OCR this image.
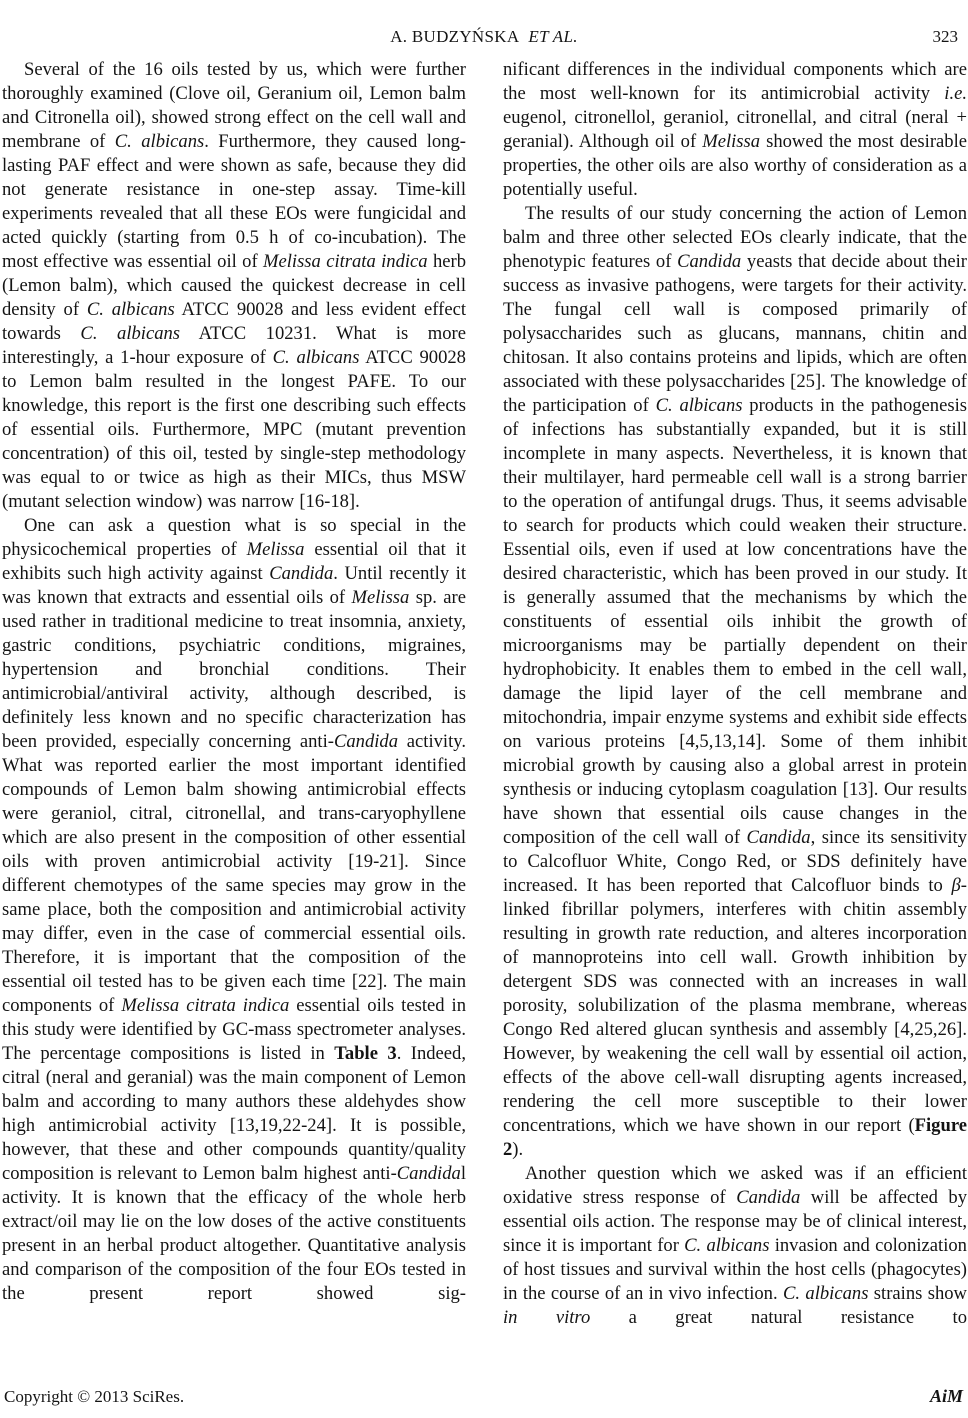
A. BUDZYŃSKA ET AL.	323

Several of the 16 oils tested by us, which were further thoroughly examined (Clove oil, Geranium oil, Lemon balm and Citronella oil), showed strong effect on the cell wall and membrane of C. albicans. Furthermore, they caused long-lasting PAF effect and were shown as safe, because they did not generate resistance in one-step assay. Time-kill experiments revealed that all these EOs were fungicidal and acted quickly (starting from 0.5 h of co-incubation). The most effective was essential oil of Melissa citrata indica herb (Lemon balm), which caused the quickest decrease in cell density of C. albicans ATCC 90028 and less evident effect towards C. albicans ATCC 10231. What is more interestingly, a 1-hour exposure of C. albicans ATCC 90028 to Lemon balm resulted in the longest PAFE. To our knowledge, this report is the first one describing such effects of essential oils. Furthermore, MPC (mutant prevention concentration) of this oil, tested by single-step methodology was equal to or twice as high as their MICs, thus MSW (mutant selection window) was narrow [16-18].

One can ask a question what is so special in the physicochemical properties of Melissa essential oil that it exhibits such high activity against Candida. Until recently it was known that extracts and essential oils of Melissa sp. are used rather in traditional medicine to treat insomnia, anxiety, gastric conditions, psychiatric conditions, migraines, hypertension and bronchial conditions. Their antimicrobial/antiviral activity, although described, is definitely less known and no specific characterization has been provided, especially concerning anti-Candida activity. What was reported earlier the most important identified compounds of Lemon balm showing antimicrobial effects were geraniol, citral, citronellal, and trans-caryophyllene which are also present in the composition of other essential oils with proven antimicrobial activity [19-21]. Since different chemotypes of the same species may grow in the same place, both the composition and antimicrobial activity may differ, even in the case of commercial essential oils. Therefore, it is important that the composition of the essential oil tested has to be given each time [22]. The main components of Melissa citrata indica essential oils tested in this study were identified by GC-mass spectrometer analyses. The percentage compositions is listed in Table 3. Indeed, citral (neral and geranial) was the main component of Lemon balm and according to many authors these aldehydes show high antimicrobial activity [13,19,22-24]. It is possible, however, that these and other compounds quantity/quality composition is relevant to Lemon balm highest anti-Candidal activity. It is known that the efficacy of the whole herb extract/oil may lie on the low doses of the active constituents present in an herbal product altogether. Quantitative analysis and comparison of the composition of the four EOs tested in the present report showed sig-

nificant differences in the individual components which are the most well-known for its antimicrobial activity i.e. eugenol, citronellol, geraniol, citronellal, and citral (neral + geranial). Although oil of Melissa showed the most desirable properties, the other oils are also worthy of consideration as a potentially useful.

The results of our study concerning the action of Lemon balm and three other selected EOs clearly indicate, that the phenotypic features of Candida yeasts that decide about their success as invasive pathogens, were targets for their activity. The fungal cell wall is composed primarily of polysaccharides such as glucans, mannans, chitin and chitosan. It also contains proteins and lipids, which are often associated with these polysaccharides [25]. The knowledge of the participation of C. albicans products in the pathogenesis of infections has substantially expanded, but it is still incomplete in many aspects. Nevertheless, it is known that their multilayer, hard permeable cell wall is a strong barrier to the operation of antifungal drugs. Thus, it seems advisable to search for products which could weaken their structure. Essential oils, even if used at low concentrations have the desired characteristic, which has been proved in our study. It is generally assumed that the mechanisms by which the constituents of essential oils inhibit the growth of microorganisms may be partially dependent on their hydrophobicity. It enables them to embed in the cell wall, damage the lipid layer of the cell membrane and mitochondria, impair enzyme systems and exhibit side effects on various proteins [4,5,13,14]. Some of them inhibit microbial growth by causing also a global arrest in protein synthesis or inducing cytoplasm coagulation [13]. Our results have shown that essential oils cause changes in the composition of the cell wall of Candida, since its sensitivity to Calcofluor White, Congo Red, or SDS definitely have increased. It has been reported that Calcofluor binds to β-linked fibrillar polymers, interferes with chitin assembly resulting in growth rate reduction, and alteres incorporation of mannoproteins into cell wall. Growth inhibition by detergent SDS was connected with an increases in wall porosity, solubilization of the plasma membrane, whereas Congo Red altered glucan synthesis and assembly [4,25,26]. However, by weakening the cell wall by essential oil action, effects of the above cell-wall disrupting agents increased, rendering the cell more susceptible to their lower concentrations, which we have shown in our report (Figure 2).

Another question which we asked was if an efficient oxidative stress response of Candida will be affected by essential oils action. The response may be of clinical interest, since it is important for C. albicans invasion and colonization of host tissues and survival within the host cells (phagocytes) in the course of an in vivo infection. C. albicans strains show in vitro a great natural resistance to

Copyright © 2013 SciRes.	AiM
